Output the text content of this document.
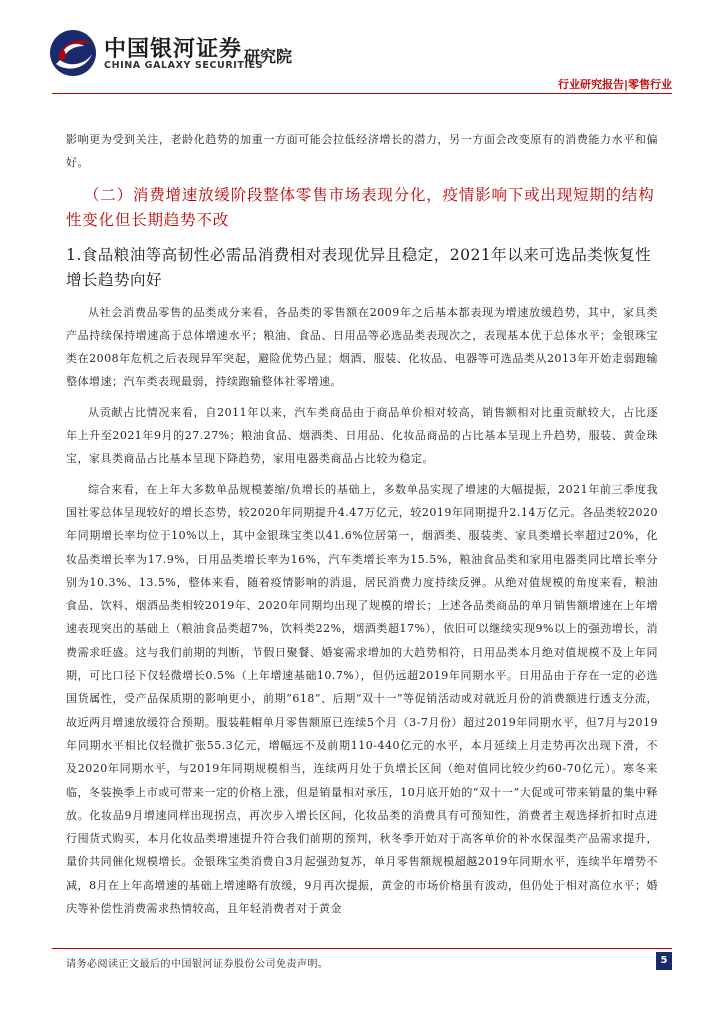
中国银河证券
CHINA GALAXY SECURITIES
研究院
行业研究报告|零售行业

影响更为受到关注，老龄化趋势的加重一方面可能会拉低经济增长的潜力，另一方面会改变原有的消费能力水平和偏好。

（二）消费增速放缓阶段整体零售市场表现分化，疫情影响下或出现短期的结构性变化但长期趋势不改
1.食品粮油等高韧性必需品消费相对表现优异且稳定，2021年以来可选品类恢复性增长趋势向好

从社会消费品零售的品类成分来看，各品类的零售额在2009年之后基本都表现为增速放缓趋势，其中，家具类产品持续保持增速高于总体增速水平；粮油、食品、日用品等必选品类表现次之，表现基本优于总体水平；金银珠宝类在2008年危机之后表现异军突起，避险优势凸显；烟酒、服装、化妆品、电器等可选品类从2013年开始走弱跑输整体增速；汽车类表现最弱，持续跑输整体社零增速。

从贡献占比情况来看，自2011年以来，汽车类商品由于商品单价相对较高，销售额相对比重贡献较大，占比逐年上升至2021年9月的27.27%；粮油食品、烟酒类、日用品、化妆品商品的占比基本呈现上升趋势，服装、黄金珠宝，家具类商品占比基本呈现下降趋势，家用电器类商品占比较为稳定。

综合来看，在上年大多数单品规模萎缩/负增长的基础上，多数单品实现了增速的大幅提振，2021年前三季度我国社零总体呈现较好的增长态势，较2020年同期提升4.47万亿元，较2019年同期提升2.14万亿元。各品类较2020年同期增长率均位于10%以上，其中金银珠宝类以41.6%位居第一，烟酒类、服装类、家具类增长率超过20%，化妆品类增长率为17.9%，日用品类增长率为16%，汽车类增长率为15.5%，粮油食品类和家用电器类同比增长率分别为10.3%、13.5%，整体来看，随着疫情影响的消退，居民消费力度持续反弹。从绝对值规模的角度来看，粮油食品、饮料、烟酒品类相较2019年、2020年同期均出现了规模的增长；上述各品类商品的单月销售额增速在上年增速表现突出的基础上（粮油食品类超7%，饮料类22%，烟酒类超17%），依旧可以继续实现9%以上的强劲增长，消费需求旺盛。这与我们前期的判断，节假日聚餐、婚宴需求增加的大趋势相符，日用品类本月绝对值规模不及上年同期，可比口径下仅轻微增长0.5%（上年增速基础10.7%），但仍远超2019年同期水平。日用品由于存在一定的必选国货属性，受产品保质期的影响更小，前期“618”、后期“双十一”等促销活动或对就近月份的消费额进行透支分流，故近两月增速放缓符合预期。服装鞋帽单月零售额原已连续5个月（3-7月份）超过2019年同期水平，但7月与2019年同期水平相比仅轻微扩张55.3亿元，增幅远不及前期110-440亿元的水平，本月延续上月走势再次出现下滑，不及2020年同期水平，与2019年同期规模相当，连续两月处于负增长区间（绝对值同比较少约60-70亿元）。寒冬来临，冬装换季上市或可带来一定的价格上涨，但是销量相对承压，10月底开始的“双十一”大促或可带来销量的集中释放。化妆品9月增速同样出现拐点，再次步入增长区间，化妆品类的消费具有可预知性，消费者主观选择折扣时点进行囤货式购买，本月化妆品类增速提升符合我们前期的预判，秋冬季开始对于高客单价的补水保湿类产品需求提升，量价共同催化规模增长。金银珠宝类消费自3月起强劲复苏，单月零售额规模超越2019年同期水平，连续半年增势不减，8月在上年高增速的基础上增速略有放缓，9月再次提振，黄金的市场价格虽有波动，但仍处于相对高位水平；婚庆等补偿性消费需求热情较高，且年轻消费者对于黄金

请务必阅读正文最后的中国银河证券股份公司免责声明。	5
